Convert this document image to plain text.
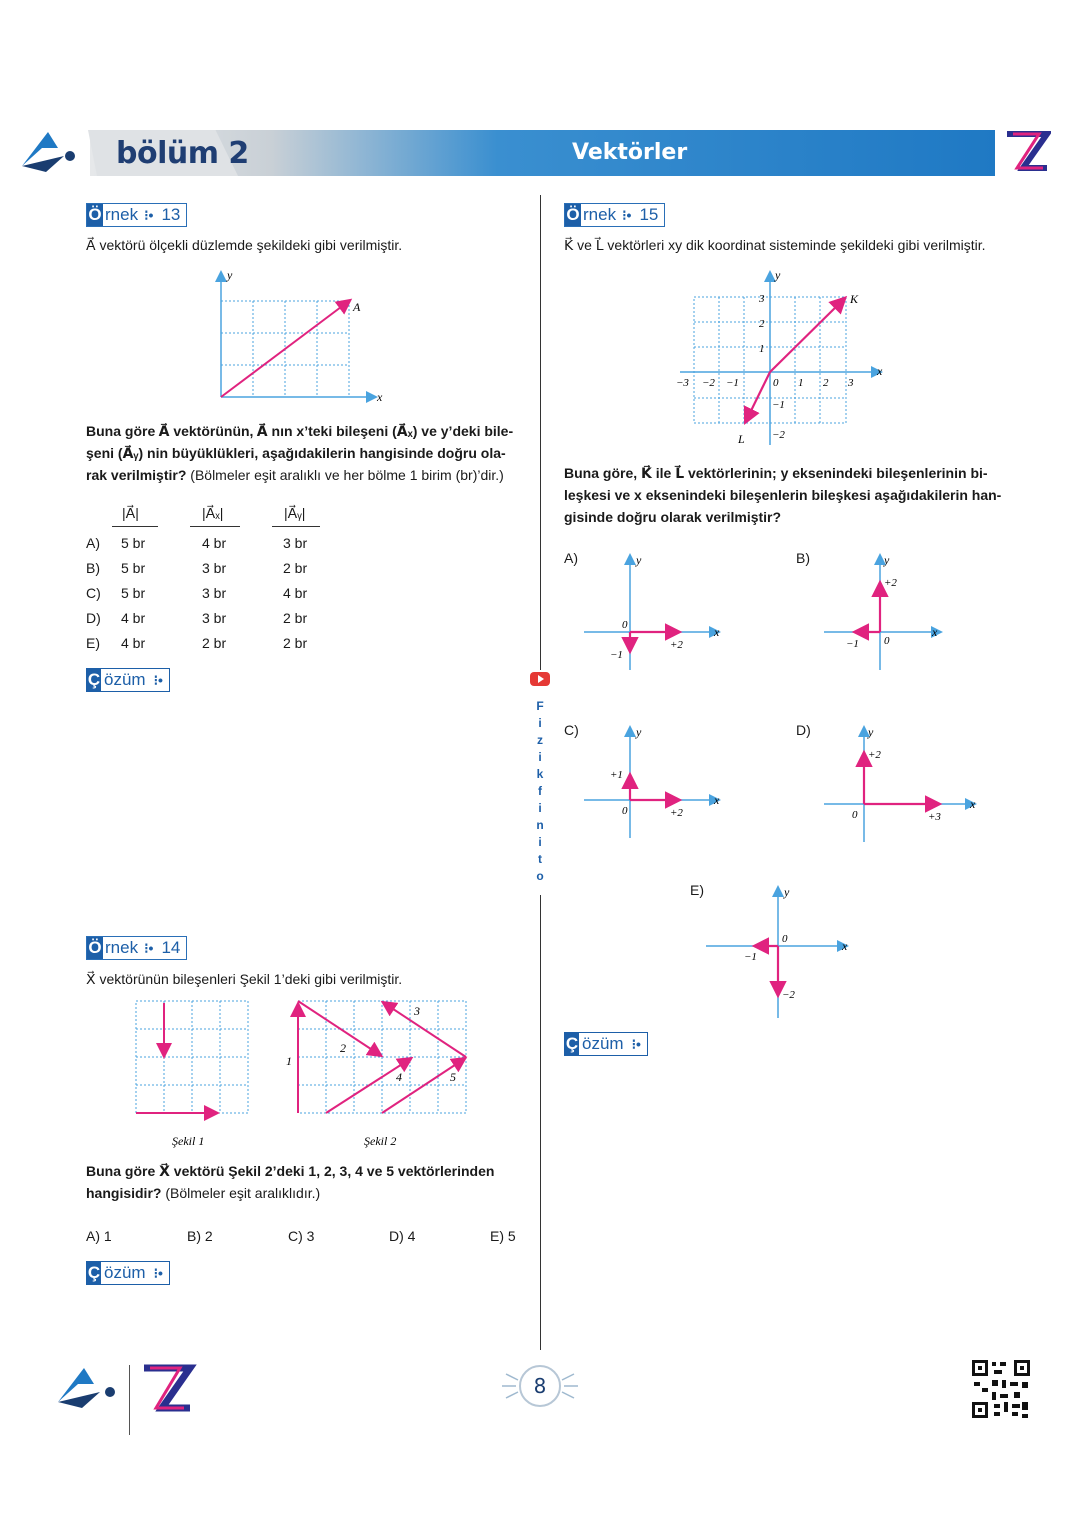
bölüm 2	Vektörler
Ö rnek ⁝• 13
A⃗ vektörü ölçekli düzlemde şekildeki gibi verilmiştir.
y
x
A⃗
Buna göre A⃗ vektörünün, A⃗ nın x’teki bileşeni (A⃗ₓ) ve y’deki bile-
şeni (A⃗ᵧ) nin büyüklükleri, aşağıdakilerin hangisinde doğru ola-
rak verilmiştir? (Bölmeler eşit aralıklı ve her bölme 1 birim (br)’dir.)
|A⃗|	|A⃗ₓ|	|A⃗ᵧ|
A) 5 br	4 br	3 br
B) 5 br	3 br	2 br
C) 5 br	3 br	4 br
D) 4 br	3 br	2 br
E) 4 br	2 br	2 br
Ç özüm ⁝•
F
i
z
i
k
f
i
n
i
t
o
Ö rnek ⁝• 14
X⃗ vektörünün bileşenleri Şekil 1’deki gibi verilmiştir.
1
2
3
4	5
Şekil 1	Şekil 2
Buna göre X⃗ vektörü Şekil 2’deki 1, 2, 3, 4 ve 5 vektörlerinden
hangisidir? (Bölmeler eşit aralıklıdır.)
A) 1	B) 2	C) 3	D) 4	E) 5
Ç özüm ⁝•
Ö rnek ⁝• 15
K⃗ ve L⃗ vektörleri xy dik koordinat sisteminde şekildeki gibi verilmiştir.
y
x
K⃗
L⃗
−3 −2 −1	0 1 2 3
3
2
1
−1
−2
Buna göre, K⃗ ile L⃗ vektörlerinin; y eksenindeki bileşenlerinin bi-
leşkesi ve x eksenindeki bileşenlerin bileşkesi aşağıdakilerin han-
gisinde doğru olarak verilmiştir?
A)	y
x
0
−1
+2
B)	y
x
+2
−1 0
C)	y
x
+1
0	+2
D)	y
x
+2
0	+3
E)	y
x
0
−1
−2
Ç özüm ⁝•
8
